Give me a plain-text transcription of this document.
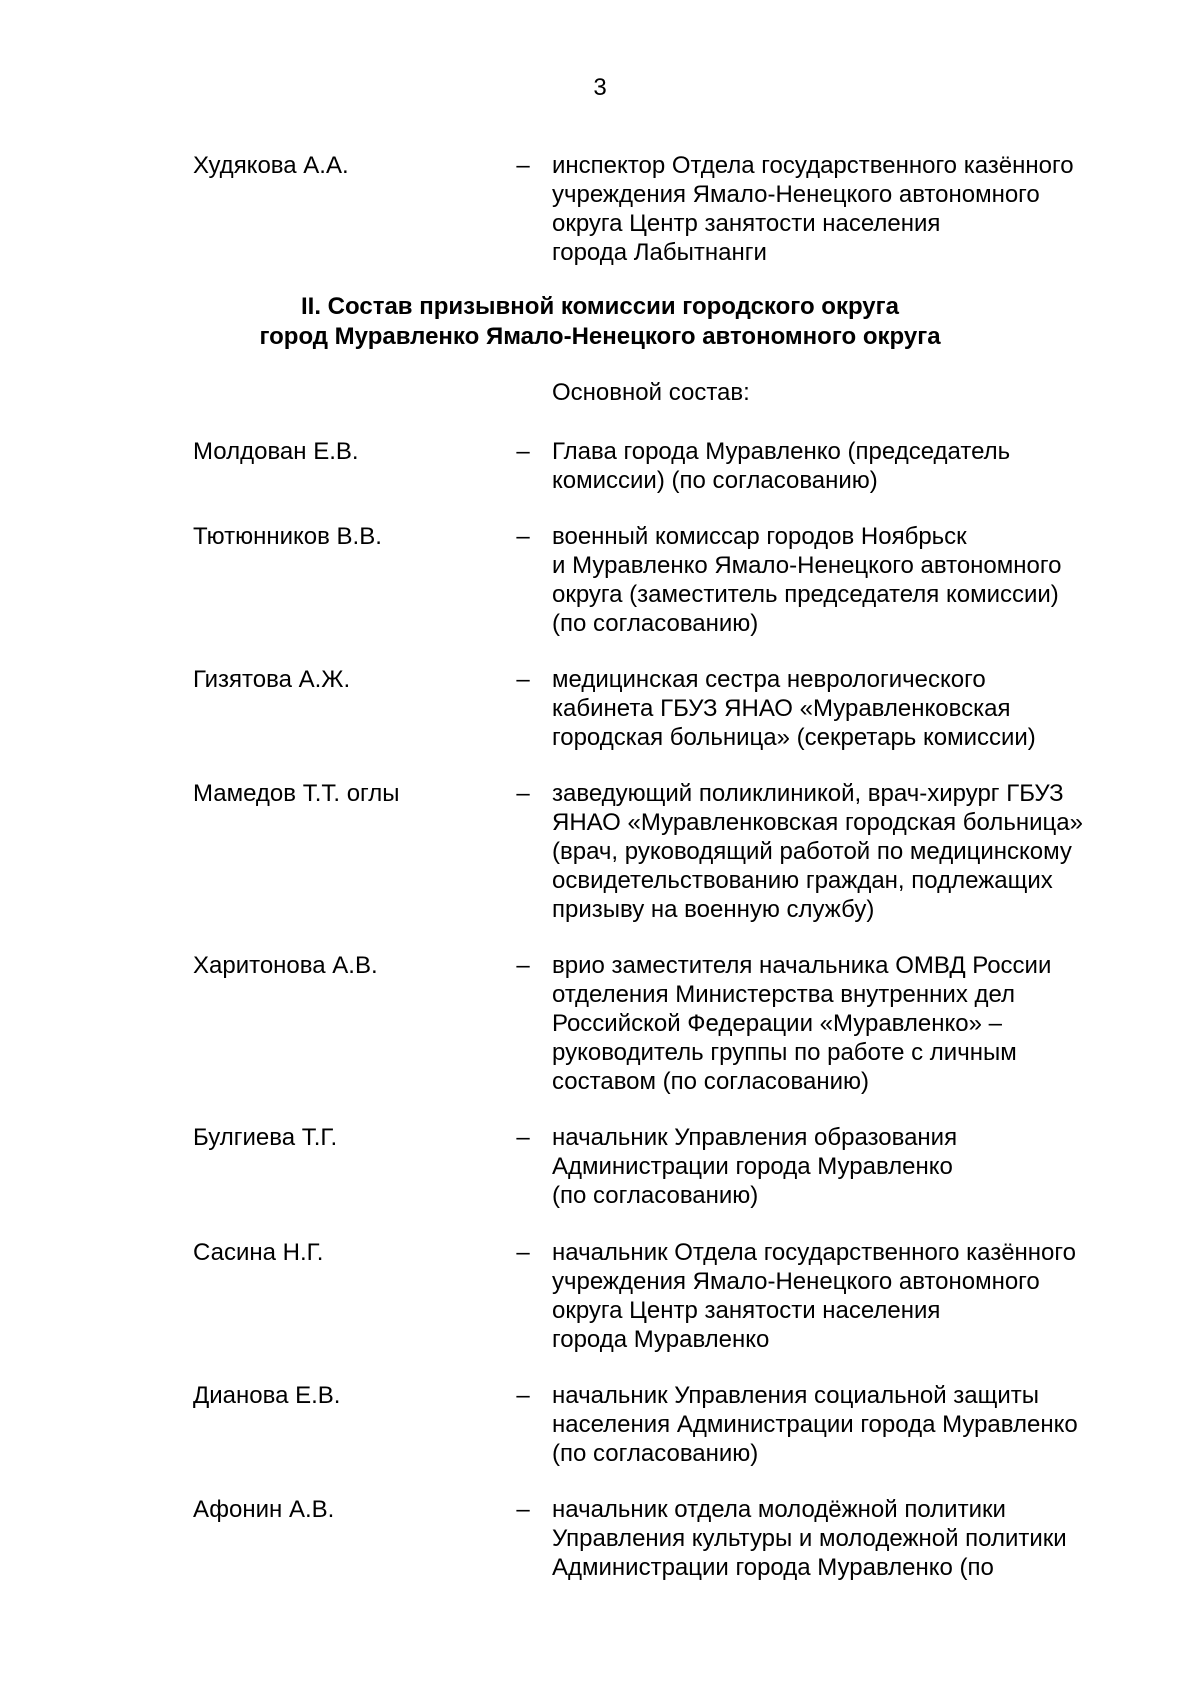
3
Худякова А.А.	– инспектор Отдела государственного казённого
учреждения Ямало-Ненецкого автономного
округа Центр занятости населения
города Лабытнанги
II. Состав призывной комиссии городского округа
город Муравленко Ямало-Ненецкого автономного округа
Основной состав:
Молдован Е.В.	– Глава города Муравленко (председатель
комиссии) (по согласованию)
Тютюнников В.В.	– военный комиссар городов Ноябрьск
и Муравленко Ямало-Ненецкого автономного
округа (заместитель председателя комиссии)
(по согласованию)
Гизятова А.Ж.	– медицинская сестра неврологического
кабинета ГБУЗ ЯНАО «Муравленковская
городская больница» (секретарь комиссии)
Мамедов Т.Т. оглы	– заведующий поликлиникой, врач-хирург ГБУЗ
ЯНАО «Муравленковская городская больница»
(врач, руководящий работой по медицинскому
освидетельствованию граждан, подлежащих
призыву на военную службу)
Харитонова А.В.	– врио заместителя начальника ОМВД России
отделения Министерства внутренних дел
Российской Федерации «Муравленко» –
руководитель группы по работе с личным
составом (по согласованию)
Булгиева Т.Г.	– начальник Управления образования
Администрации города Муравленко
(по согласованию)
Сасина Н.Г.	– начальник Отдела государственного казённого
учреждения Ямало-Ненецкого автономного
округа Центр занятости населения
города Муравленко
Дианова Е.В.	– начальник Управления социальной защиты
населения Администрации города Муравленко
(по согласованию)
Афонин А.В.	– начальник отдела молодёжной политики
Управления культуры и молодежной политики
Администрации города Муравленко (по
